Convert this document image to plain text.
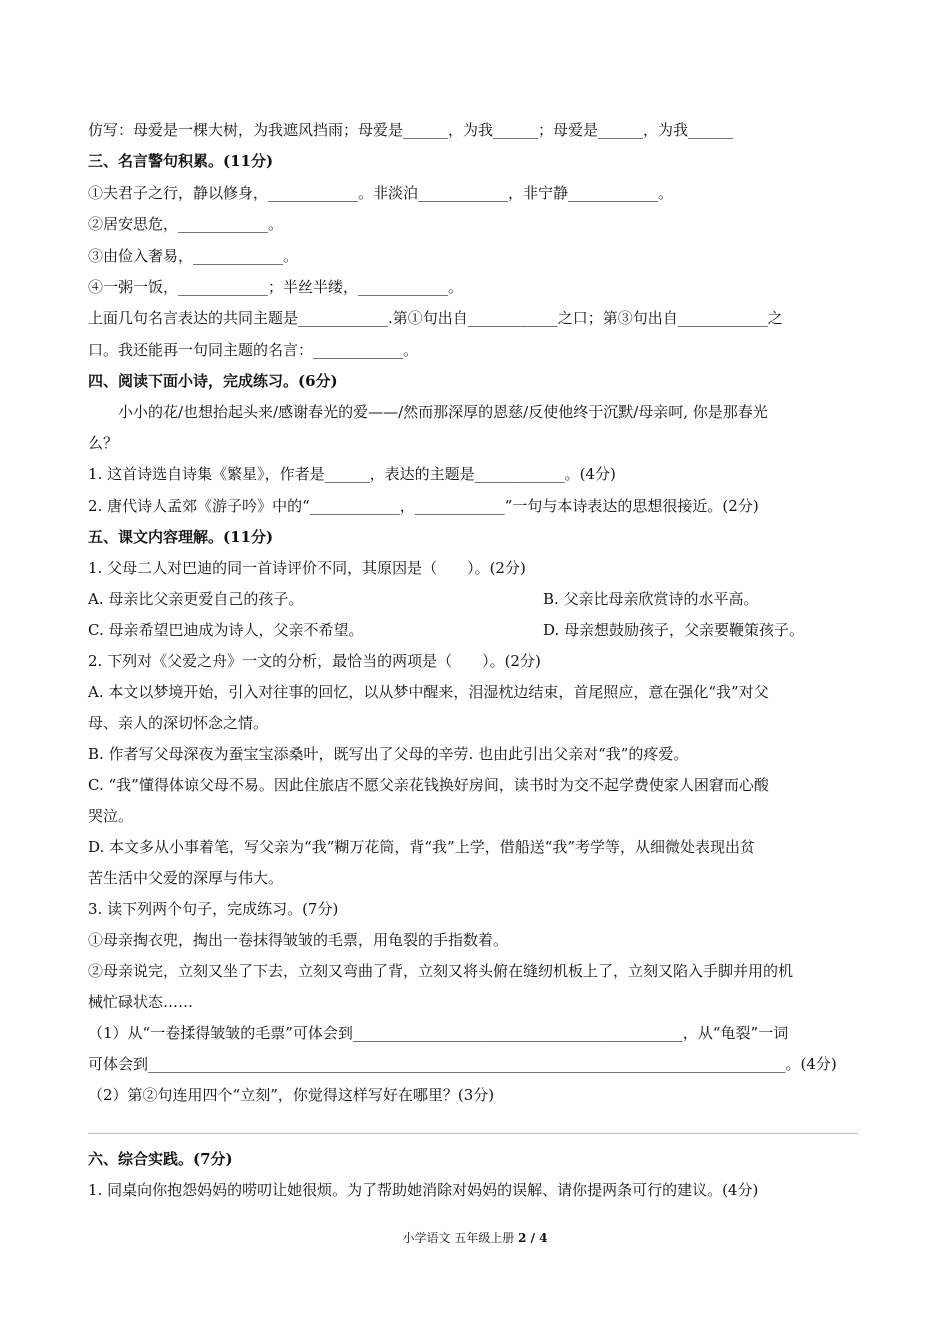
仿写：母爱是一棵大树，为我遮风挡雨；母爱是______，为我______；母爱是______，为我______
三、名言警句积累。(11分)
①夫君子之行，静以修身，____________。非淡泊____________，非宁静____________。
②居安思危，____________。
③由俭入奢易，____________。
④一粥一饭，____________；半丝半缕，____________。
上面几句名言表达的共同主题是____________.第①句出自____________之口；第③句出自____________之
口。我还能再一句同主题的名言：____________。
四、阅读下面小诗，完成练习。(6分)
小小的花/也想抬起头来/感谢春光的爱——/然而那深厚的恩慈/反使他终于沉默/母亲呵, 你是那春光
么？
1. 这首诗选自诗集《繁星》，作者是______，表达的主题是____________。(4分)
2. 唐代诗人孟郊《游子吟》中的“____________，____________”一句与本诗表达的思想很接近。(2分)
五、课文内容理解。(11分)
1. 父母二人对巴迪的同一首诗评价不同，其原因是（　　）。(2分)
A. 母亲比父亲更爱自己的孩子。	B. 父亲比母亲欣赏诗的水平高。
C. 母亲希望巴迪成为诗人，父亲不希望。	D. 母亲想鼓励孩子，父亲要鞭策孩子。
2. 下列对《父爱之舟》一文的分析，最恰当的两项是（　　）。(2分)
A. 本文以梦境开始，引入对往事的回忆，以从梦中醒来，泪湿枕边结束，首尾照应，意在强化“我”对父
母、亲人的深切怀念之情。
B. 作者写父母深夜为蚕宝宝添桑叶，既写出了父母的辛劳. 也由此引出父亲对“我”的疼爱。
C. “我”懂得体谅父母不易。因此住旅店不愿父亲花钱换好房间，读书时为交不起学费使家人困窘而心酸
哭泣。
D. 本文多从小事着笔，写父亲为“我”糊万花筒，背“我”上学，借船送“我”考学等，从细微处表现出贫
苦生活中父爱的深厚与伟大。
3. 读下列两个句子，完成练习。(7分)
①母亲掏衣兜，掏出一卷抹得皱皱的毛票，用龟裂的手指数着。
②母亲说完，立刻又坐了下去，立刻又弯曲了背，立刻又将头俯在缝纫机板上了，立刻又陷入手脚并用的机
械忙碌状态……
（1）从“一卷揉得皱皱的毛票”可体会到____________________________________________，从“龟裂”一词
可体会到_____________________________________________________________________________________。(4分)
（2）第②句连用四个“立刻”，你觉得这样写好在哪里？(3分)
六、综合实践。(7分)
1. 同桌向你抱怨妈妈的唠叨让她很烦。为了帮助她消除对妈妈的误解、请你提两条可行的建议。(4分)
小学语文 五年级上册 2 / 4
